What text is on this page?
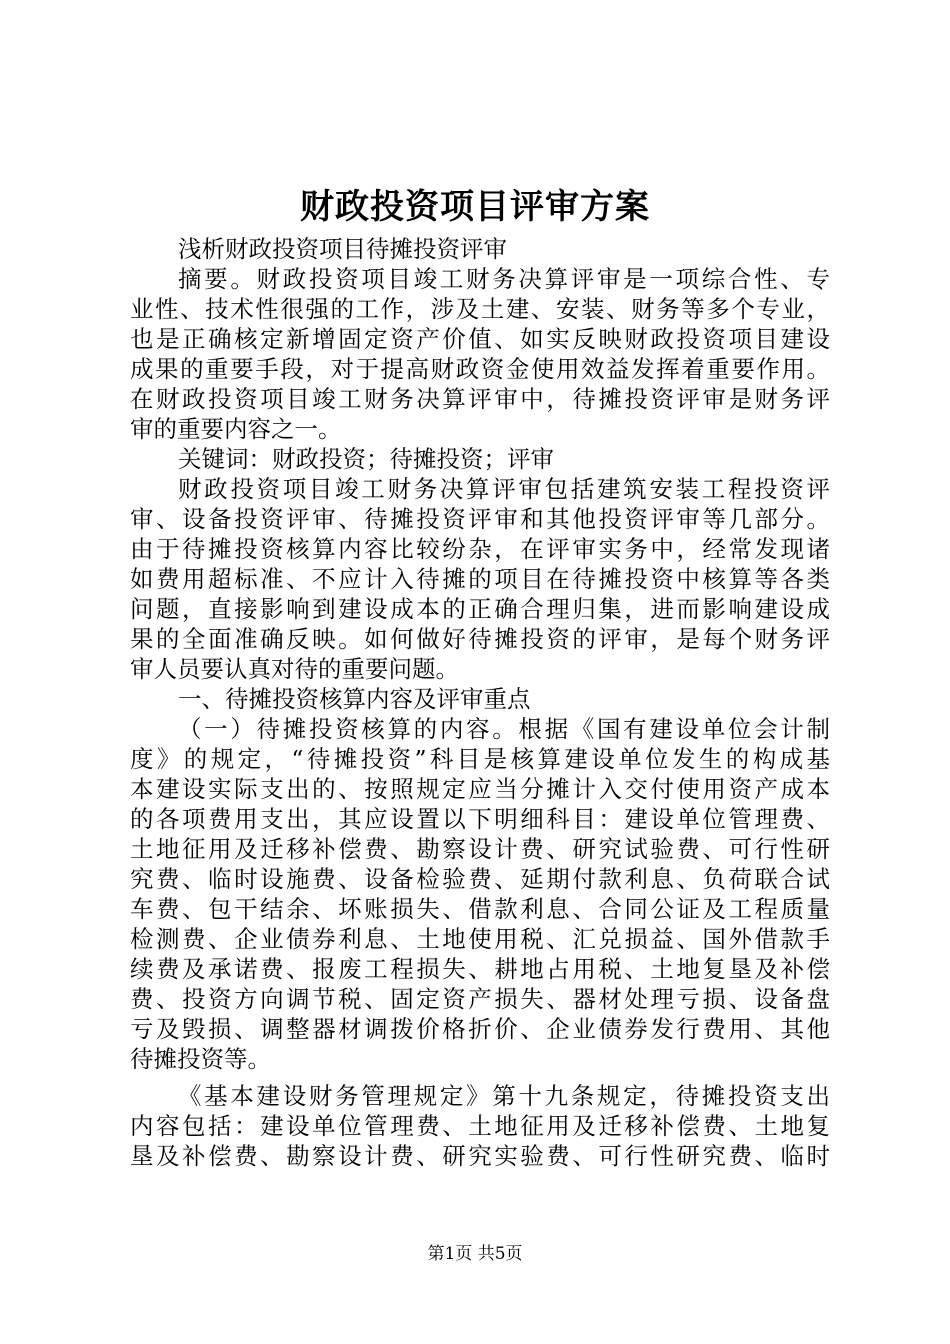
财政投资项目评审方案
浅析财政投资项目待摊投资评审
摘要。财政投资项目竣工财务决算评审是一项综合性、专
业性、技术性很强的工作，涉及土建、安装、财务等多个专业，
也是正确核定新增固定资产价值、如实反映财政投资项目建设
成果的重要手段，对于提高财政资金使用效益发挥着重要作用。
在财政投资项目竣工财务决算评审中，待摊投资评审是财务评
审的重要内容之一。
关键词：财政投资；待摊投资；评审
财政投资项目竣工财务决算评审包括建筑安装工程投资评
审、设备投资评审、待摊投资评审和其他投资评审等几部分。
由于待摊投资核算内容比较纷杂，在评审实务中，经常发现诸
如费用超标准、不应计入待摊的项目在待摊投资中核算等各类
问题，直接影响到建设成本的正确合理归集，进而影响建设成
果的全面准确反映。如何做好待摊投资的评审，是每个财务评
审人员要认真对待的重要问题。
一、待摊投资核算内容及评审重点
（一）待摊投资核算的内容。根据《国有建设单位会计制
度》的规定，“待摊投资”科目是核算建设单位发生的构成基
本建设实际支出的、按照规定应当分摊计入交付使用资产成本
的各项费用支出，其应设置以下明细科目：建设单位管理费、
土地征用及迁移补偿费、勘察设计费、研究试验费、可行性研
究费、临时设施费、设备检验费、延期付款利息、负荷联合试
车费、包干结余、坏账损失、借款利息、合同公证及工程质量
检测费、企业债券利息、土地使用税、汇兑损益、国外借款手
续费及承诺费、报废工程损失、耕地占用税、土地复垦及补偿
费、投资方向调节税、固定资产损失、器材处理亏损、设备盘
亏及毁损、调整器材调拨价格折价、企业债券发行费用、其他
待摊投资等。
《基本建设财务管理规定》第十九条规定，待摊投资支出
内容包括：建设单位管理费、土地征用及迁移补偿费、土地复
垦及补偿费、勘察设计费、研究实验费、可行性研究费、临时
第1页 共5页
